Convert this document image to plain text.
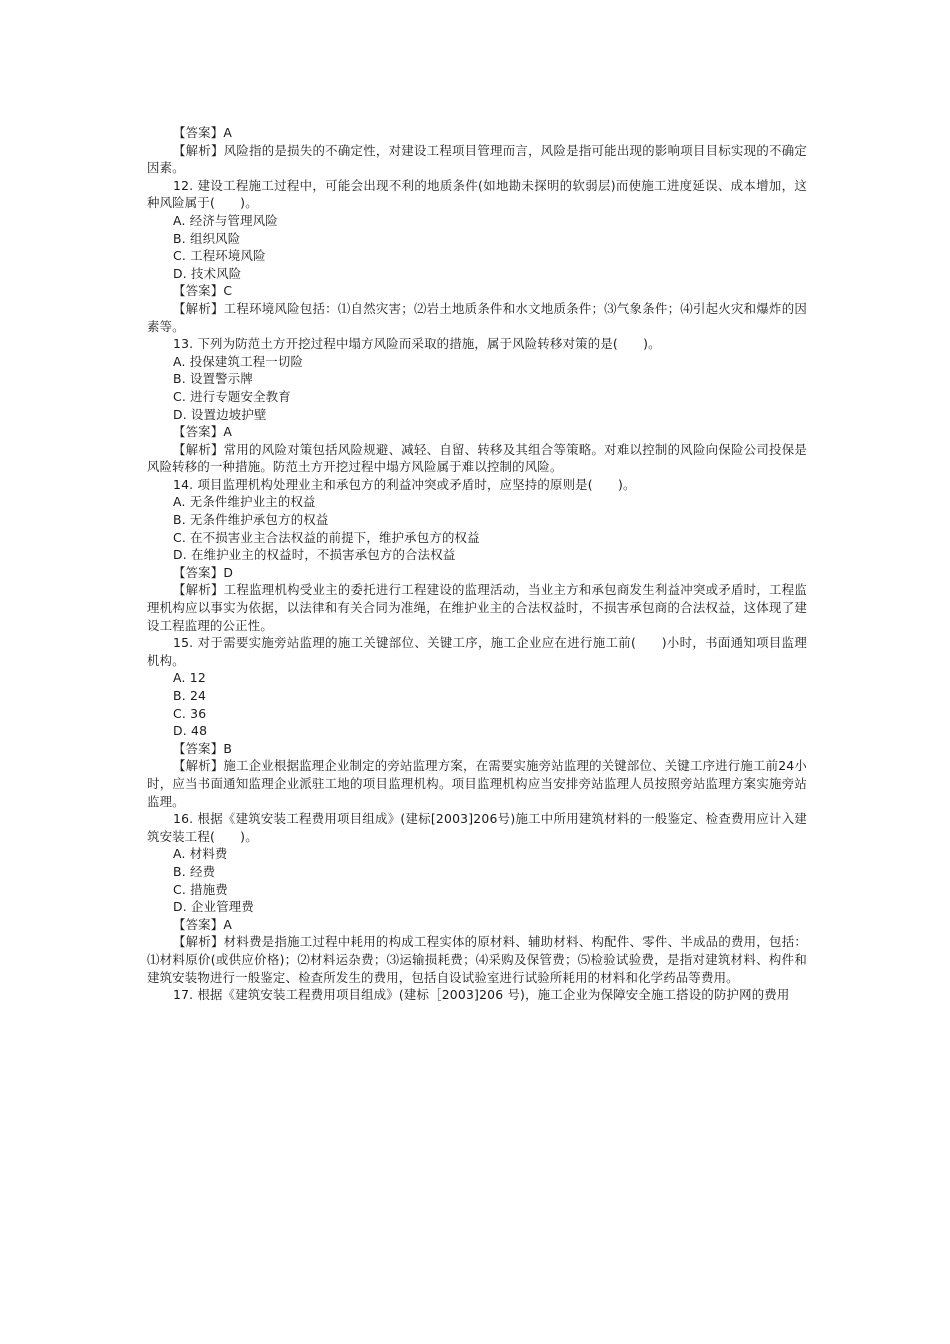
【答案】A
【解析】风险指的是损失的不确定性，对建设工程项目管理而言，风险是指可能出现的影响项目目标实现的不确定因素。
12. 建设工程施工过程中，可能会出现不利的地质条件(如地勘未探明的软弱层)而使施工进度延误、成本增加，这种风险属于(　　)。
A. 经济与管理风险
B. 组织风险
C. 工程环境风险
D. 技术风险
【答案】C
【解析】工程环境风险包括：⑴自然灾害；⑵岩土地质条件和水文地质条件；⑶气象条件；⑷引起火灾和爆炸的因素等。
13. 下列为防范土方开挖过程中塌方风险而采取的措施，属于风险转移对策的是(　　)。
A. 投保建筑工程一切险
B. 设置警示牌
C. 进行专题安全教育
D. 设置边坡护壁
【答案】A
【解析】常用的风险对策包括风险规避、减轻、自留、转移及其组合等策略。对难以控制的风险向保险公司投保是风险转移的一种措施。防范土方开挖过程中塌方风险属于难以控制的风险。
14. 项目监理机构处理业主和承包方的利益冲突或矛盾时，应坚持的原则是(　　)。
A. 无条件维护业主的权益
B. 无条件维护承包方的权益
C. 在不损害业主合法权益的前提下，维护承包方的权益
D. 在维护业主的权益时，不损害承包方的合法权益
【答案】D
【解析】工程监理机构受业主的委托进行工程建设的监理活动，当业主方和承包商发生利益冲突或矛盾时，工程监理机构应以事实为依据，以法律和有关合同为准绳，在维护业主的合法权益时，不损害承包商的合法权益，这体现了建设工程监理的公正性。
15. 对于需要实施旁站监理的施工关键部位、关键工序，施工企业应在进行施工前(　　)小时，书面通知项目监理机构。
A. 12
B. 24
C. 36
D. 48
【答案】B
【解析】施工企业根据监理企业制定的旁站监理方案，在需要实施旁站监理的关键部位、关键工序进行施工前24小时，应当书面通知监理企业派驻工地的项目监理机构。项目监理机构应当安排旁站监理人员按照旁站监理方案实施旁站监理。
16. 根据《建筑安装工程费用项目组成》(建标[2003]206号)施工中所用建筑材料的一般鉴定、检查费用应计入建筑安装工程(　　)。
A. 材料费
B. 经费
C. 措施费
D. 企业管理费
【答案】A
【解析】材料费是指施工过程中耗用的构成工程实体的原材料、辅助材料、构配件、零件、半成品的费用，包括：⑴材料原价(或供应价格)；⑵材料运杂费；⑶运输损耗费；⑷采购及保管费；⑸检验试验费，是指对建筑材料、构件和建筑安装物进行一般鉴定、检查所发生的费用，包括自设试验室进行试验所耗用的材料和化学药品等费用。
17. 根据《建筑安装工程费用项目组成》(建标［2003]206 号)，施工企业为保障安全施工搭设的防护网的费用
